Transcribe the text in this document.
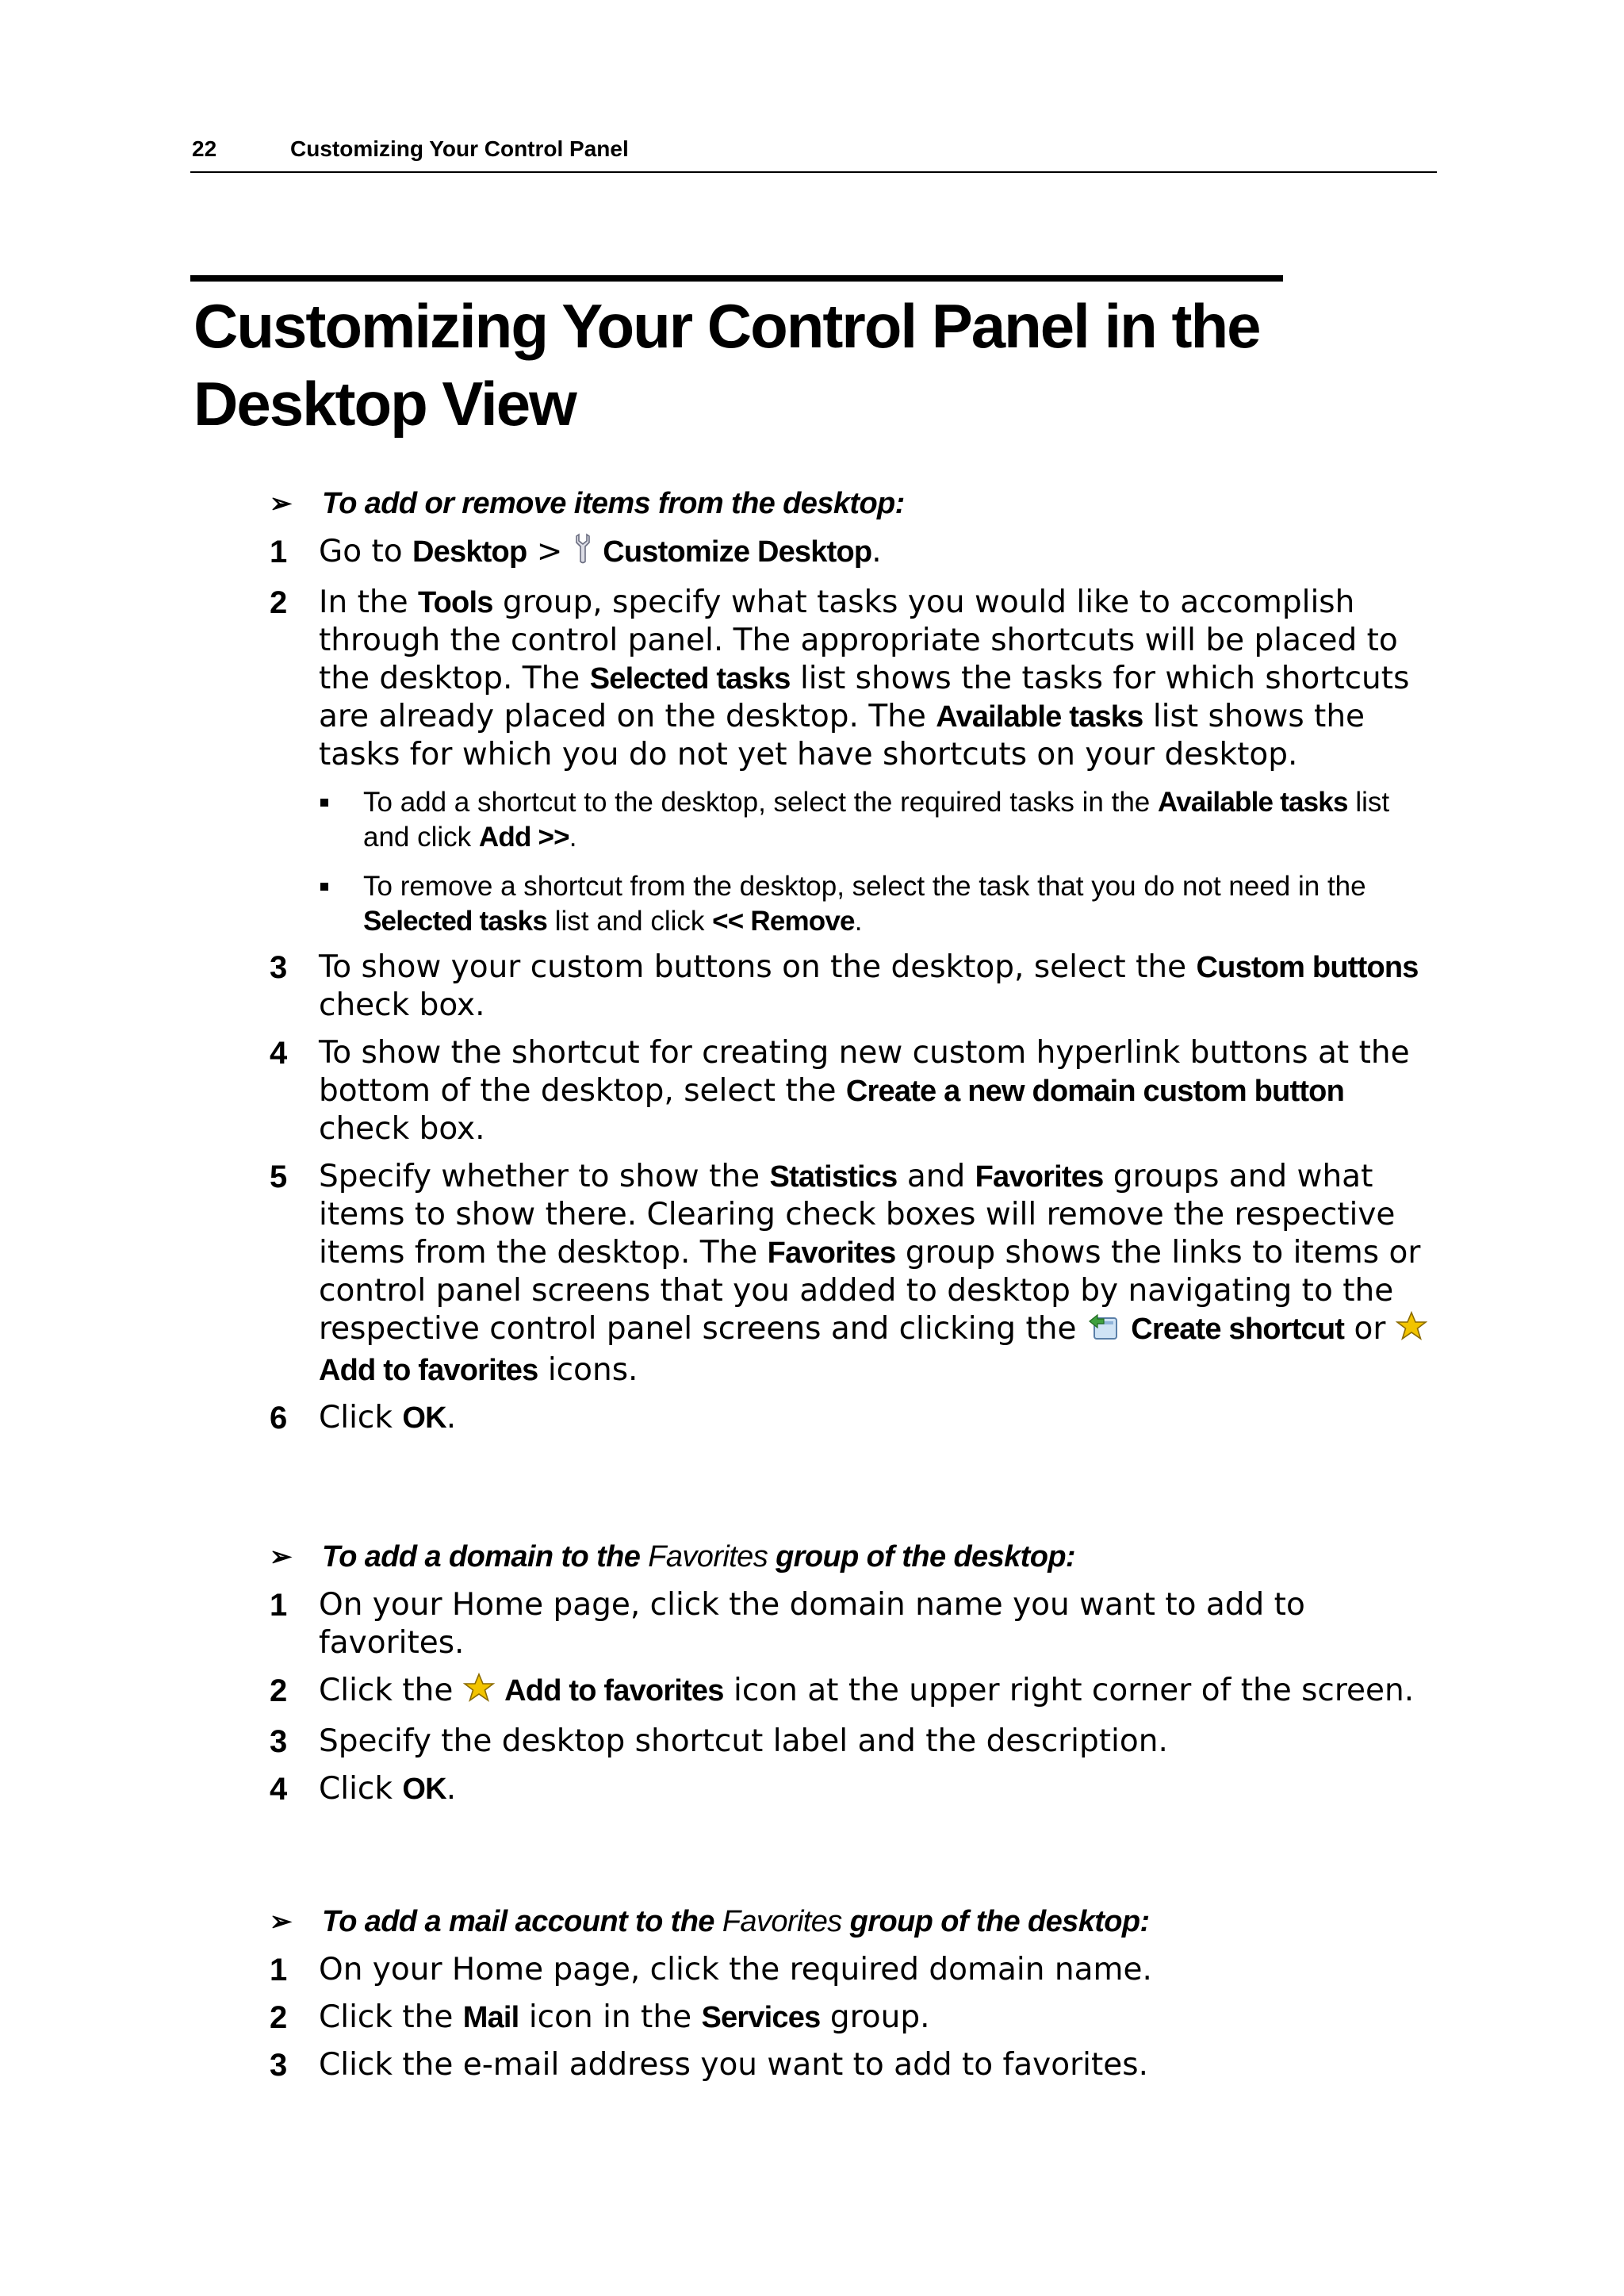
22	Customizing Your Control Panel
Customizing Your Control Panel in the
Desktop View
➢ To add or remove items from the desktop:
1 Go to Desktop >  Customize Desktop.
2 In the Tools group, specify what tasks you would like to accomplish through the control panel. The appropriate shortcuts will be placed to the desktop. The Selected tasks list shows the tasks for which shortcuts are already placed on the desktop. The Available tasks list shows the tasks for which you do not yet have shortcuts on your desktop.
To add a shortcut to the desktop, select the required tasks in the Available tasks list and click Add >>.
To remove a shortcut from the desktop, select the task that you do not need in the Selected tasks list and click << Remove.
3 To show your custom buttons on the desktop, select the Custom buttons check box.
4 To show the shortcut for creating new custom hyperlink buttons at the bottom of the desktop, select the Create a new domain custom button check box.
5 Specify whether to show the Statistics and Favorites groups and what items to show there. Clearing check boxes will remove the respective items from the desktop. The Favorites group shows the links to items or control panel screens that you added to desktop by navigating to the respective control panel screens and clicking the  Create shortcut or
Add to favorites icons.
6 Click OK.
➢ To add a domain to the Favorites group of the desktop:
1 On your Home page, click the domain name you want to add to favorites.
2 Click the  Add to favorites icon at the upper right corner of the screen.
3 Specify the desktop shortcut label and the description.
4 Click OK.
➢ To add a mail account to the Favorites group of the desktop:
1 On your Home page, click the required domain name.
2 Click the Mail icon in the Services group.
3 Click the e-mail address you want to add to favorites.
